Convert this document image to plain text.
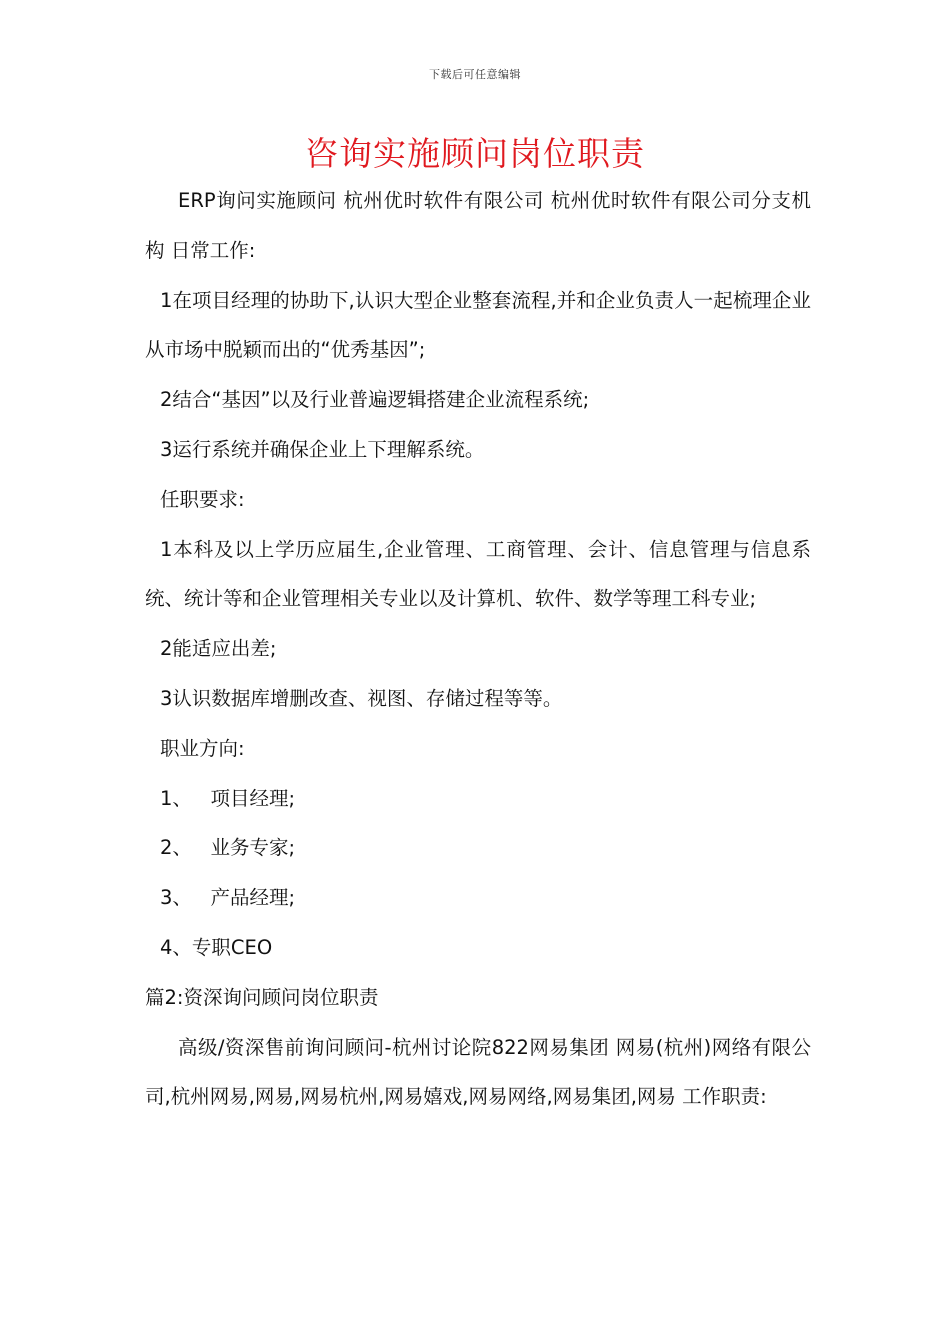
下载后可任意编辑
咨询实施顾问岗位职责

ERP询问实施顾问 杭州优时软件有限公司 杭州优时软件有限公司分支机构 日常工作:

1在项目经理的协助下,认识大型企业整套流程,并和企业负责人一起梳理企业从市场中脱颖而出的“优秀基因”;

2结合“基因”以及行业普遍逻辑搭建企业流程系统;

3运行系统并确保企业上下理解系统。

任职要求:

1本科及以上学历应届生,企业管理、工商管理、会计、信息管理与信息系统、统计等和企业管理相关专业以及计算机、软件、数学等理工科专业;

2能适应出差;

3认识数据库增删改查、视图、存储过程等等。

职业方向:

1、   项目经理;

2、   业务专家;

3、   产品经理;

4、专职CEO

篇2:资深询问顾问岗位职责

高级/资深售前询问顾问-杭州讨论院822网易集团 网易(杭州)网络有限公司,杭州网易,网易,网易杭州,网易嬉戏,网易网络,网易集团,网易 工作职责:
